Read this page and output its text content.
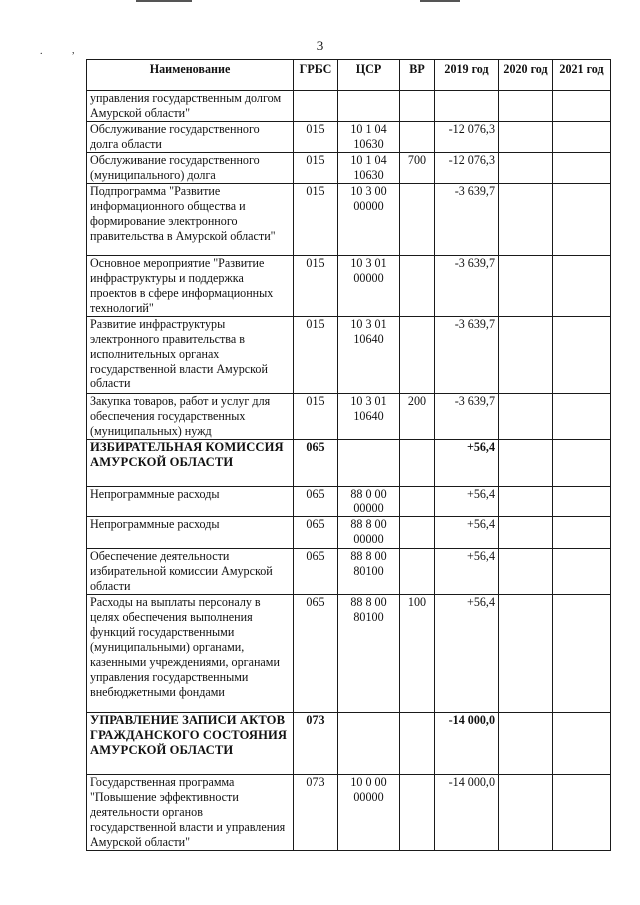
.	,	3
Наименование	ГРБС	ЦСР	ВР	2019 год	2020 год	2021 год
управления государственным долгом Амурской области"						
Обслуживание государственного долга области	015	10 1 04 10630		-12 076,3		
Обслуживание государственного (муниципального) долга	015	10 1 04 10630	700	-12 076,3		
Подпрограмма "Развитие информационного общества и формирование электронного правительства в Амурской области"	015	10 3 00 00000		-3 639,7		
Основное мероприятие "Развитие инфраструктуры и поддержка проектов в сфере информационных технологий"	015	10 3 01 00000		-3 639,7		
Развитие инфраструктуры электронного правительства в исполнительных органах государственной власти Амурской области	015	10 3 01 10640		-3 639,7		
Закупка товаров, работ и услуг для обеспечения государственных (муниципальных) нужд	015	10 3 01 10640	200	-3 639,7		
ИЗБИРАТЕЛЬНАЯ КОМИССИЯ АМУРСКОЙ ОБЛАСТИ	065			+56,4		
Непрограммные расходы	065	88 0 00 00000		+56,4		
Непрограммные расходы	065	88 8 00 00000		+56,4		
Обеспечение деятельности избирательной комиссии Амурской области	065	88 8 00 80100		+56,4		
Расходы на выплаты персоналу в целях обеспечения выполнения функций государственными (муниципальными) органами, казенными учреждениями, органами управления государственными внебюджетными фондами	065	88 8 00 80100	100	+56,4		
УПРАВЛЕНИЕ ЗАПИСИ АКТОВ ГРАЖДАНСКОГО СОСТОЯНИЯ АМУРСКОЙ ОБЛАСТИ	073			-14 000,0		
Государственная программа "Повышение эффективности деятельности органов государственной власти и управления Амурской области"	073	10 0 00 00000		-14 000,0		
